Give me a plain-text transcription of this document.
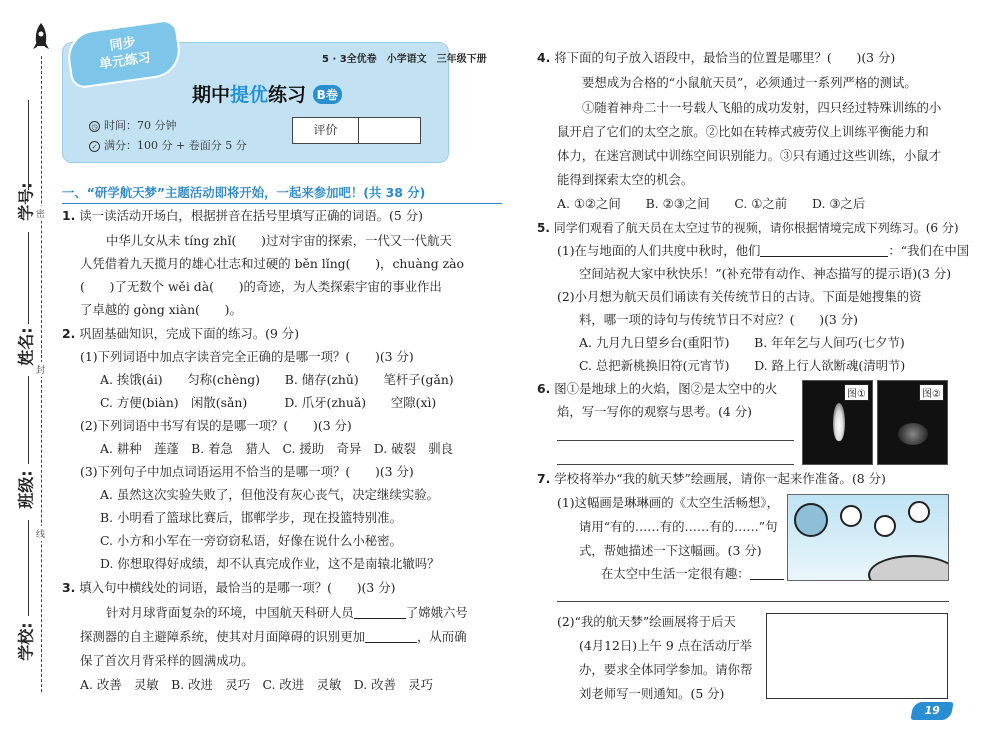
密
封
线
学号:
姓名:
班级:
学校:
同步
单元练习	5 · 3全优卷　小学语文　三年级下册
期中提优练习 B卷
◷ 时间：70 分钟
✓ 满分：100 分 + 卷面分 5 分
评价
一、“研学航天梦”主题活动即将开始，一起来参加吧！(共 38 分)
1. 读一读活动开场白，根据拼音在括号里填写正确的词语。(5 分)
中华儿女从未 tíng zhǐ(　　)过对宇宙的探索，一代又一代航天
人凭借着九天揽月的雄心壮志和过硬的 běn lǐng(　　)，chuàng zào
(　　)了无数个 wěi dà(　　)的奇迹，为人类探索宇宙的事业作出
了卓越的 gòng xiàn(　　)。
2. 巩固基础知识，完成下面的练习。(9 分)
(1)下列词语中加点字读音完全正确的是哪一项？(　　)(3 分)
A. 挨饿(ái)　　匀称(chèng)　　B. 储存(zhǔ)　　笔杆子(gǎn)
C. 方便(biàn)　闲散(sǎn)　　　D. 爪牙(zhuǎ)　　空隙(xì)
(2)下列词语中书写有误的是哪一项？(　　)(3 分)
A. 耕种　莲蓬　B. 着急　猎人　C. 援助　奇异　D. 破裂　驯良
(3)下列句子中加点词语运用不恰当的是哪一项？(　　)(3 分)
A. 虽然这次实验失败了，但他没有灰心丧气，决定继续实验。
B. 小明看了篮球比赛后，邯郸学步，现在投篮特别准。
C. 小方和小军在一旁窃窃私语，好像在说什么小秘密。
D. 你想取得好成绩，却不认真完成作业，这不是南辕北辙吗？
3. 填入句中横线处的词语，最恰当的是哪一项？(　　)(3 分)
针对月球背面复杂的环境，中国航天科研人员	了嫦娥六号
探测器的自主避障系统，使其对月面障碍的识别更加	，从而确
保了首次月背采样的圆满成功。
A. 改善　灵敏　B. 改进　灵巧　C. 改进　灵敏　D. 改善　灵巧
4. 将下面的句子放入语段中，最恰当的位置是哪里？(　　)(3 分)
要想成为合格的“小鼠航天员”，必须通过一系列严格的测试。
①随着神舟二十一号载人飞船的成功发射，四只经过特殊训练的小
鼠开启了它们的太空之旅。②比如在转棒式疲劳仪上训练平衡能力和
体力，在迷宫测试中训练空间识别能力。③只有通过这些训练，小鼠才
能得到探索太空的机会。
A. ①②之间　　B. ②③之间　　C. ①之前　　D. ③之后
5. 同学们观看了航天员在太空过节的视频，请你根据情境完成下列练习。(6 分)
(1)在与地面的人们共度中秋时，他们	：“我们在中国
空间站祝大家中秋快乐！”(补充带有动作、神态描写的提示语)(3 分)
(2)小月想为航天员们诵读有关传统节日的古诗。下面是她搜集的资
料，哪一项的诗句与传统节日不对应？(　　)(3 分)
A. 九月九日望乡台(重阳节)　　B. 年年乞与人间巧(七夕节)
C. 总把新桃换旧符(元宵节)　　D. 路上行人欲断魂(清明节)
6. 图①是地球上的火焰，图②是太空中的火
焰，写一写你的观察与思考。(4 分)
图①	图②
7. 学校将举办“我的航天梦”绘画展，请你一起来作准备。(8 分)
(1)这幅画是琳琳画的《太空生活畅想》，
请用“有的……有的……有的……”句
式，帮她描述一下这幅画。(3 分)
在太空中生活一定很有趣：
(2)“我的航天梦”绘画展将于后天
(4月12日)上午 9 点在活动厅举
办，要求全体同学参加。请你帮
刘老师写一则通知。(5 分)
19
